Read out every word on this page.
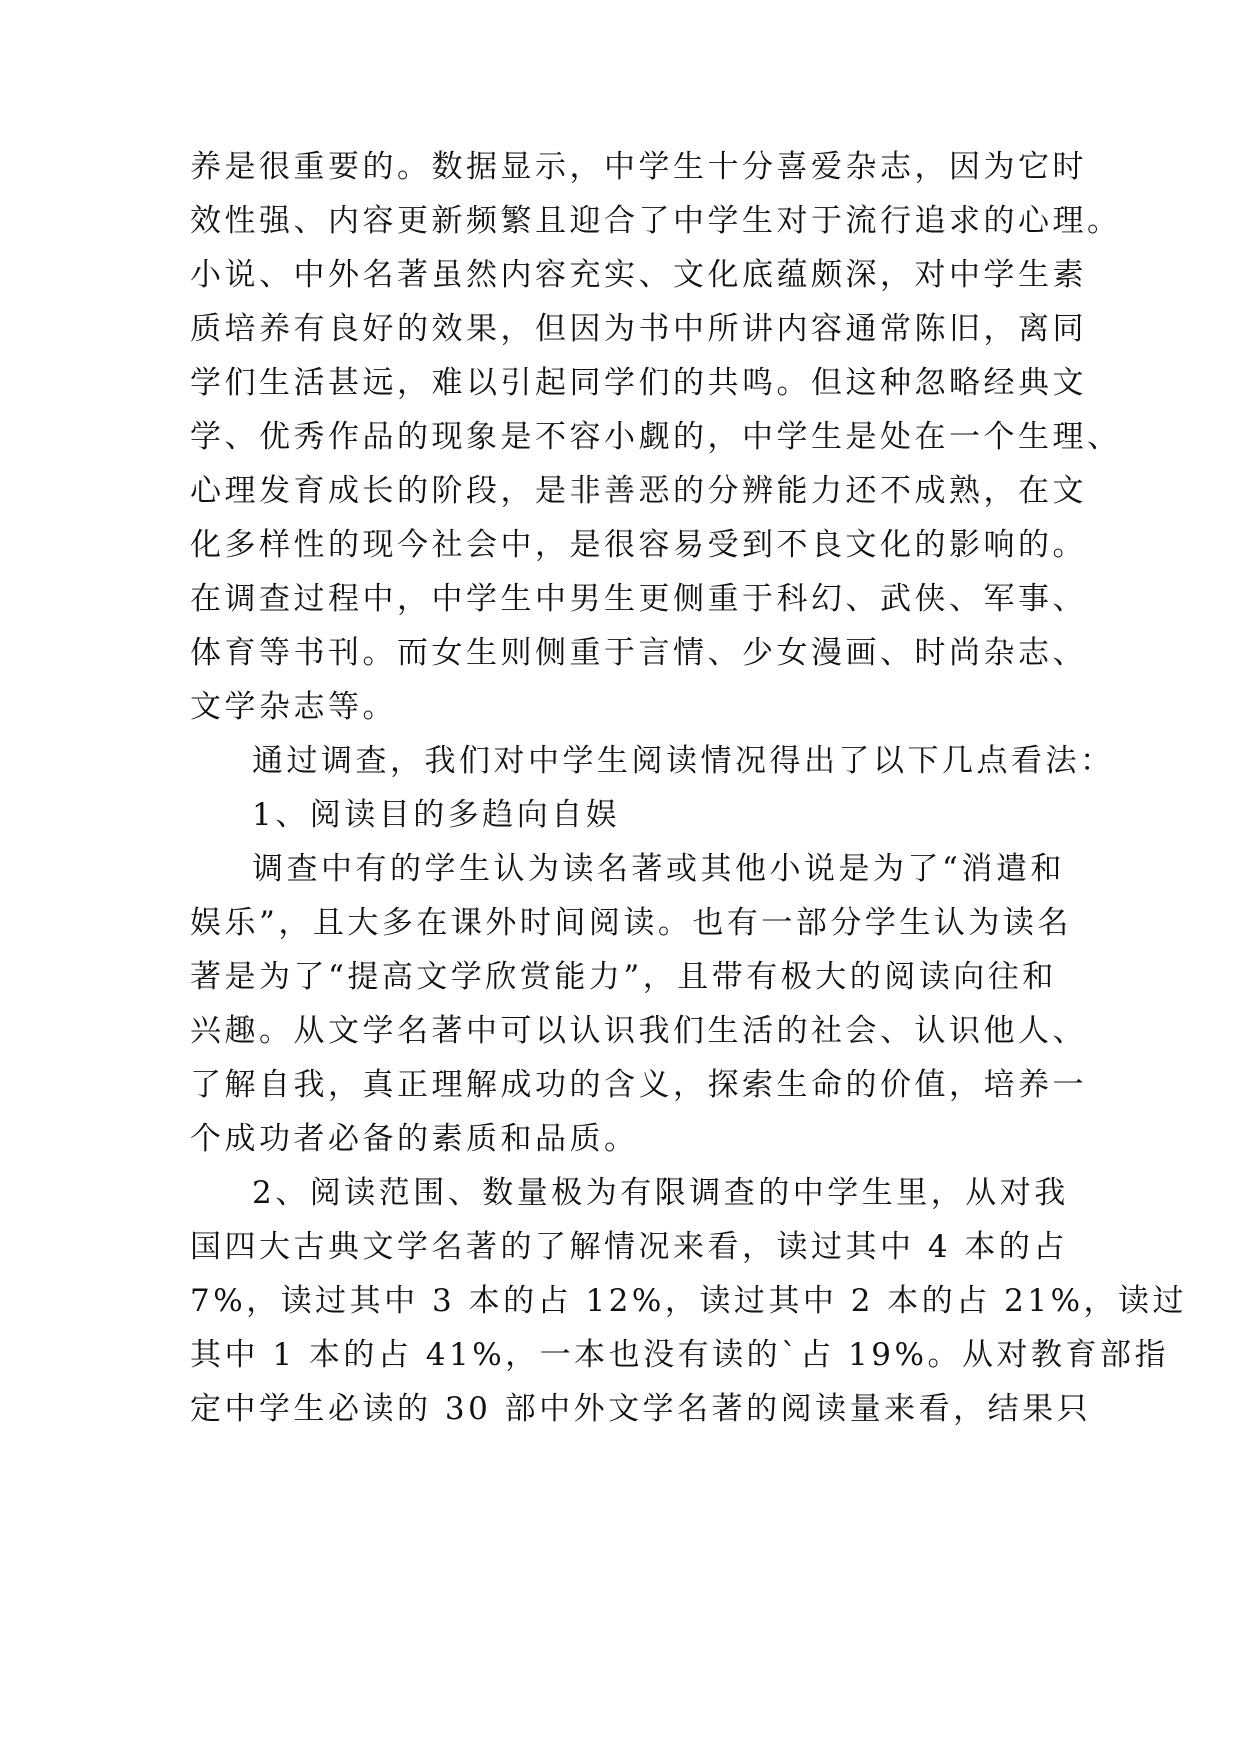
养是很重要的。数据显示，中学生十分喜爱杂志，因为它时
效性强、内容更新频繁且迎合了中学生对于流行追求的心理。
小说、中外名著虽然内容充实、文化底蕴颇深，对中学生素
质培养有良好的效果，但因为书中所讲内容通常陈旧，离同
学们生活甚远，难以引起同学们的共鸣。但这种忽略经典文
学、优秀作品的现象是不容小觑的，中学生是处在一个生理、
心理发育成长的阶段，是非善恶的分辨能力还不成熟，在文
化多样性的现今社会中，是很容易受到不良文化的影响的。
在调查过程中，中学生中男生更侧重于科幻、武侠、军事、
体育等书刊。而女生则侧重于言情、少女漫画、时尚杂志、
文学杂志等。
通过调查，我们对中学生阅读情况得出了以下几点看法：
1、阅读目的多趋向自娱
调查中有的学生认为读名著或其他小说是为了“消遣和
娱乐”，且大多在课外时间阅读。也有一部分学生认为读名
著是为了“提高文学欣赏能力”，且带有极大的阅读向往和
兴趣。从文学名著中可以认识我们生活的社会、认识他人、
了解自我，真正理解成功的含义，探索生命的价值，培养一
个成功者必备的素质和品质。
2、阅读范围、数量极为有限调查的中学生里，从对我
国四大古典文学名著的了解情况来看，读过其中 4 本的占
7%，读过其中 3 本的占 12%，读过其中 2 本的占 21%，读过
其中 1 本的占 41%，一本也没有读的`占 19%。从对教育部指
定中学生必读的 30 部中外文学名著的阅读量来看，结果只
